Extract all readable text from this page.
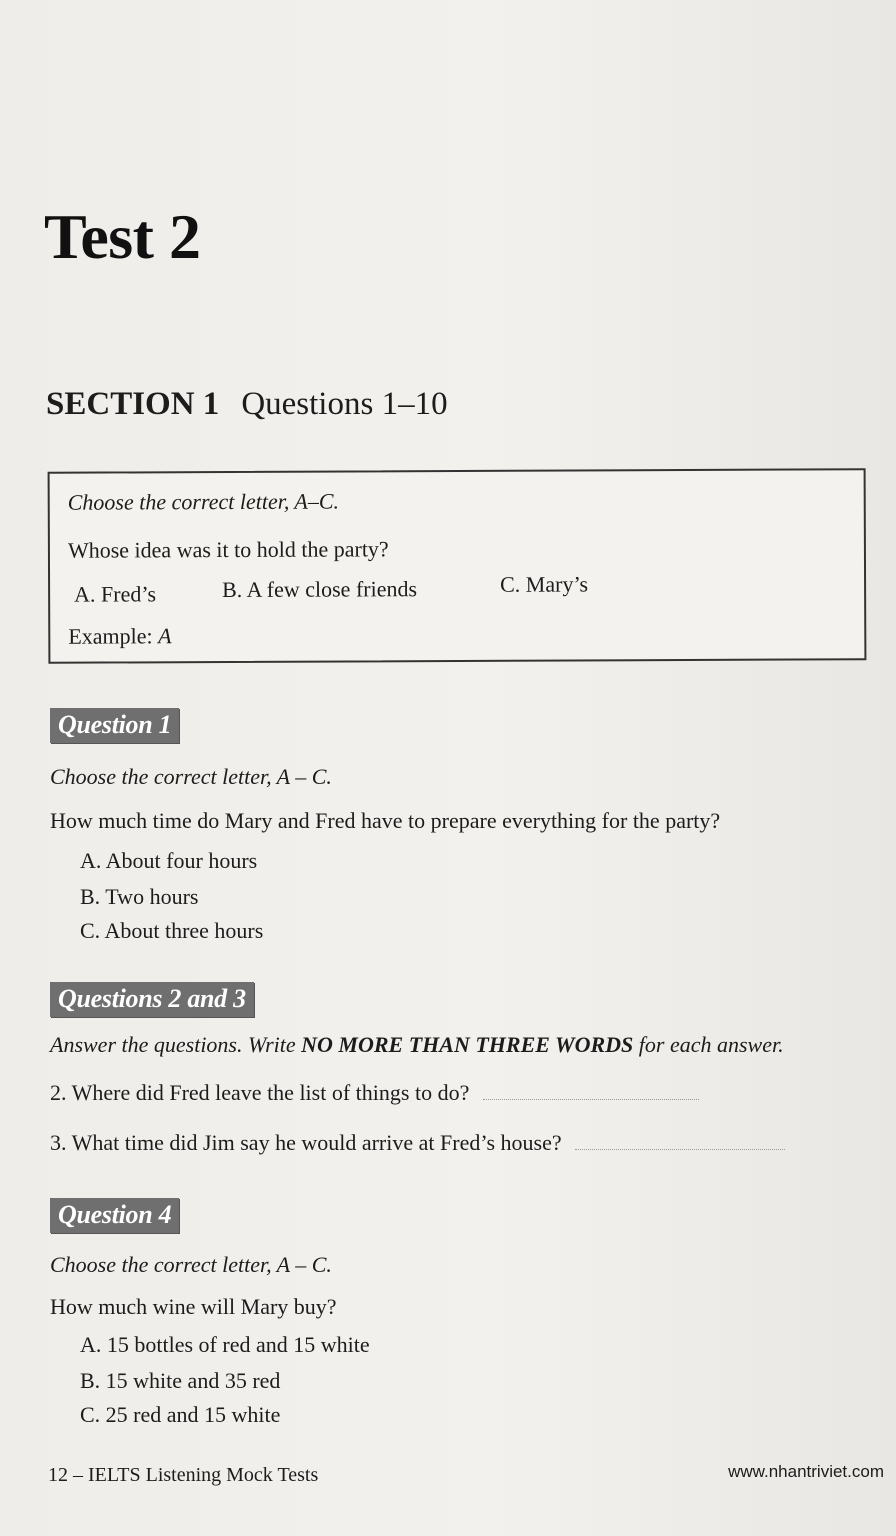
Test 2
SECTION 1 Questions 1–10
Choose the correct letter, A–C.
Whose idea was it to hold the party?
A. Fred’s	B. A few close friends	C. Mary’s
Example: A
Question 1
Choose the correct letter, A – C.
How much time do Mary and Fred have to prepare everything for the party?
A. About four hours
B. Two hours
C. About three hours
Questions 2 and 3
Answer the questions. Write NO MORE THAN THREE WORDS for each answer.
2. Where did Fred leave the list of things to do?
3. What time did Jim say he would arrive at Fred’s house?
Question 4
Choose the correct letter, A – C.
How much wine will Mary buy?
A. 15 bottles of red and 15 white
B. 15 white and 35 red
C. 25 red and 15 white
12 – IELTS Listening Mock Tests	www.nhantriviet.com
